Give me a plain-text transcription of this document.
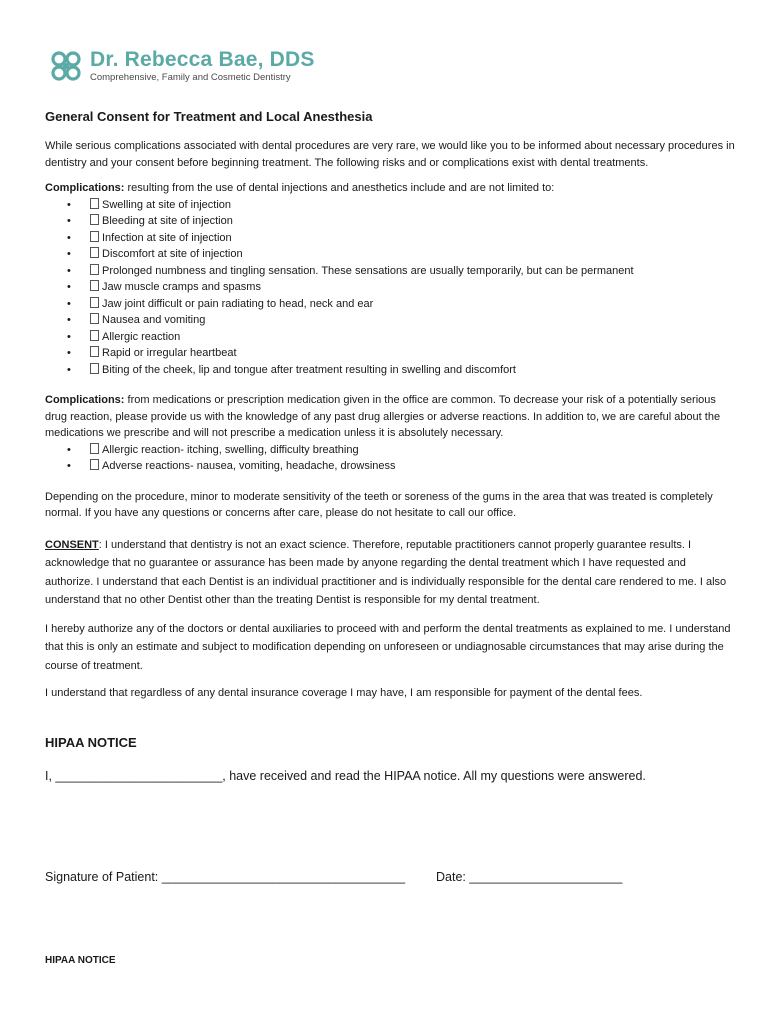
Dr. Rebecca Bae, DDS
Comprehensive, Family and Cosmetic Dentistry
General Consent for Treatment and Local Anesthesia

While serious complications associated with dental procedures are very rare, we would like you to be informed about necessary procedures in dentistry and your consent before beginning treatment. The following risks and or complications exist with dental treatments.

Complications: resulting from the use of dental injections and anesthetics include and are not limited to:

•	Swelling at site of injection
•	Bleeding at site of injection
•	Infection at site of injection
•	Discomfort at site of injection
•	Prolonged numbness and tingling sensation. These sensations are usually temporarily, but can be permanent
•	Jaw muscle cramps and spasms
•	Jaw joint difficult or pain radiating to head, neck and ear
•	Nausea and vomiting
•	Allergic reaction
•	Rapid or irregular heartbeat
•	Biting of the cheek, lip and tongue after treatment resulting in swelling and discomfort

Complications: from medications or prescription medication given in the office are common. To decrease your risk of a potentially serious drug reaction, please provide us with the knowledge of any past drug allergies or adverse reactions. In addition to, we are careful about the medications we prescribe and will not prescribe a medication unless it is absolutely necessary.

•	Allergic reaction- itching, swelling, difficulty breathing
•	Adverse reactions- nausea, vomiting, headache, drowsiness

Depending on the procedure, minor to moderate sensitivity of the teeth or soreness of the gums in the area that was treated is completely normal. If you have any questions or concerns after care, please do not hesitate to call our office.

CONSENT: I understand that dentistry is not an exact science. Therefore, reputable practitioners cannot properly guarantee results. I acknowledge that no guarantee or assurance has been made by anyone regarding the dental treatment which I have requested and authorize. I understand that each Dentist is an individual practitioner and is individually responsible for the dental care rendered to me. I also understand that no other Dentist other than the treating Dentist is responsible for my dental treatment.

I hereby authorize any of the doctors or dental auxiliaries to proceed with and perform the dental treatments as explained to me. I understand that this is only an estimate and subject to modification depending on unforeseen or undiagnosable circumstances that may arise during the course of treatment.

I understand that regardless of any dental insurance coverage I may have, I am responsible for payment of the dental fees.

HIPAA NOTICE
I, ________________________, have received and read the HIPAA notice. All my questions were answered.
Signature of Patient: ___________________________________ Date: ______________________
HIPAA NOTICE
